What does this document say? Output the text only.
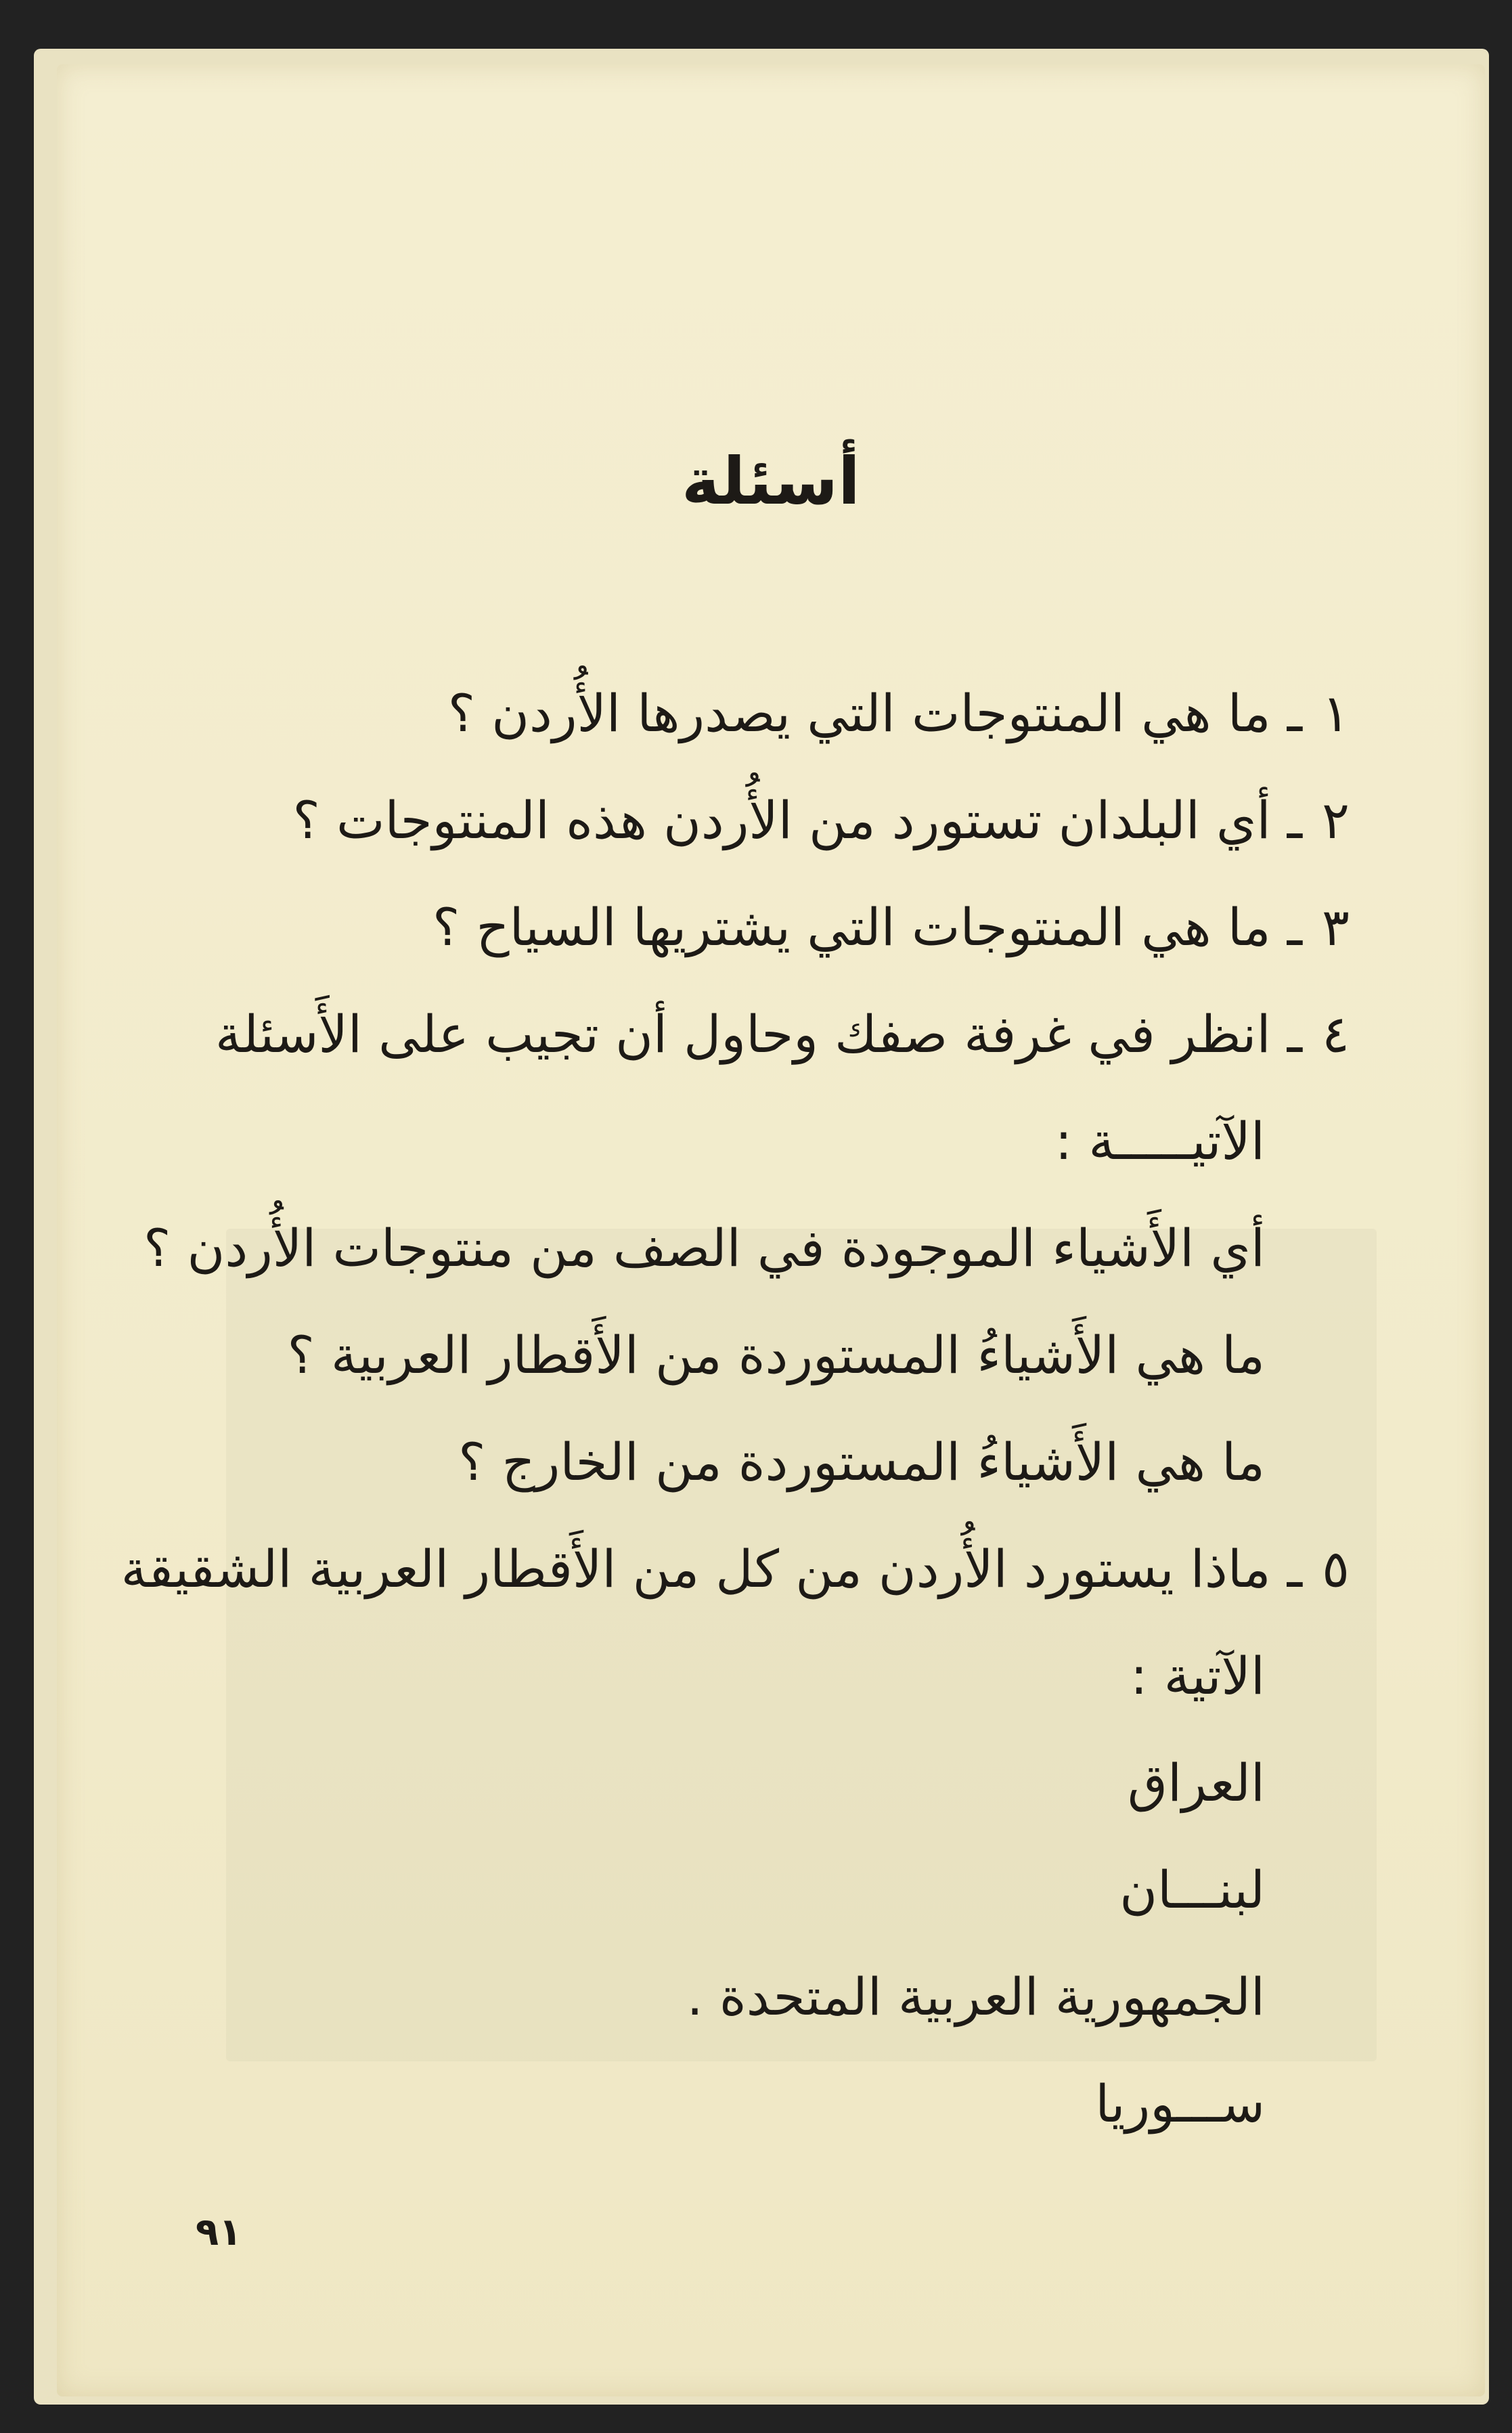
أسئلة
١ـ ما هي المنتوجات التي يصدرها الأُردن ؟
٢ـ أي البلدان تستورد من الأُردن هذه المنتوجات ؟
٣ـ ما هي المنتوجات التي يشتريها السياح ؟
٤ـ انظر في غرفة صفك وحاول أن تجيب على الأَسئلة
الآتيـــــة :
أي الأَشياء الموجودة في الصف من منتوجات الأُردن ؟
ما هي الأَشياءُ المستوردة من الأَقطار العربية ؟
ما هي الأَشياءُ المستوردة من الخارج ؟
٥ـ ماذا يستورد الأُردن من كل من الأَقطار العربية الشقيقة
الآتية :
العراق
لبنـــان
الجمهورية العربية المتحدة .
ســـوريا
٩١
